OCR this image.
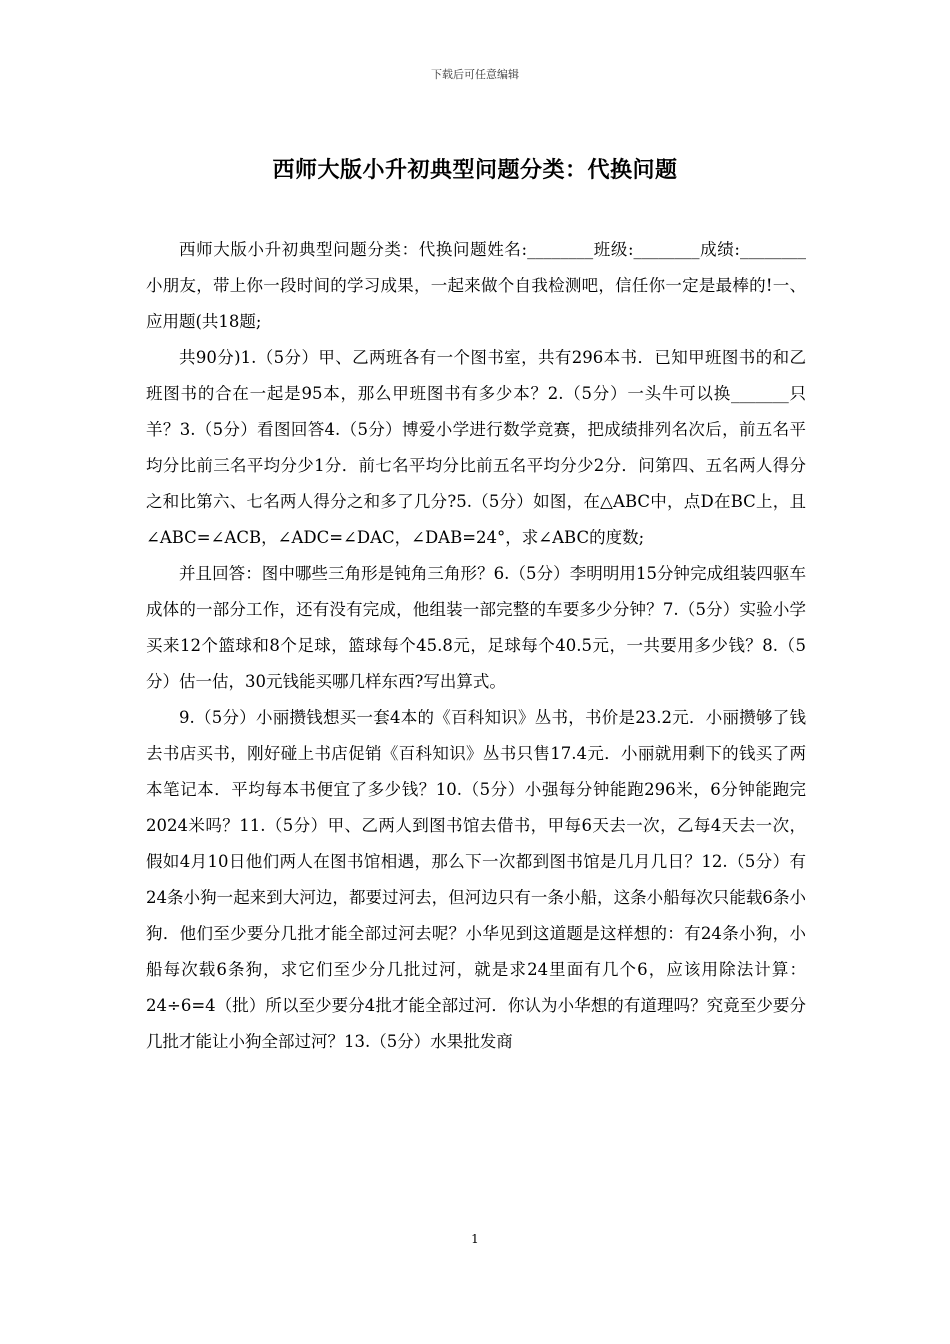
下载后可任意编辑
西师大版小升初典型问题分类：代换问题

西师大版小升初典型问题分类：代换问题姓名:________班级:________成绩:________小朋友，带上你一段时间的学习成果，一起来做个自我检测吧，信任你一定是最棒的!一、应用题(共18题;

共90分)1.（5分）甲、乙两班各有一个图书室，共有296本书．已知甲班图书的和乙班图书的合在一起是95本，那么甲班图书有多少本？2.（5分）一头牛可以换_______只羊？3.（5分）看图回答4.（5分）博爱小学进行数学竞赛，把成绩排列名次后，前五名平均分比前三名平均分少1分．前七名平均分比前五名平均分少2分．问第四、五名两人得分之和比第六、七名两人得分之和多了几分?5.（5分）如图，在△ABC中，点D在BC上，且∠ABC=∠ACB，∠ADC=∠DAC，∠DAB=24°，求∠ABC的度数;

并且回答：图中哪些三角形是钝角三角形？6.（5分）李明明用15分钟完成组装四驱车成体的一部分工作，还有没有完成，他组装一部完整的车要多少分钟？7.（5分）实验小学买来12个篮球和8个足球，篮球每个45.8元，足球每个40.5元，一共要用多少钱？8.（5分）估一估，30元钱能买哪几样东西?写出算式。

9.（5分）小丽攒钱想买一套4本的《百科知识》丛书，书价是23.2元．小丽攒够了钱去书店买书，刚好碰上书店促销《百科知识》丛书只售17.4元．小丽就用剩下的钱买了两本笔记本．平均每本书便宜了多少钱？10.（5分）小强每分钟能跑296米，6分钟能跑完2024米吗？11.（5分）甲、乙两人到图书馆去借书，甲每6天去一次，乙每4天去一次，假如4月10日他们两人在图书馆相遇，那么下一次都到图书馆是几月几日？12.（5分）有24条小狗一起来到大河边，都要过河去，但河边只有一条小船，这条小船每次只能载6条小狗．他们至少要分几批才能全部过河去呢？小华见到这道题是这样想的：有24条小狗，小船每次载6条狗，求它们至少分几批过河，就是求24里面有几个6，应该用除法计算：24÷6=4（批）所以至少要分4批才能全部过河．你认为小华想的有道理吗？究竟至少要分几批才能让小狗全部过河？13.（5分）水果批发商

1
